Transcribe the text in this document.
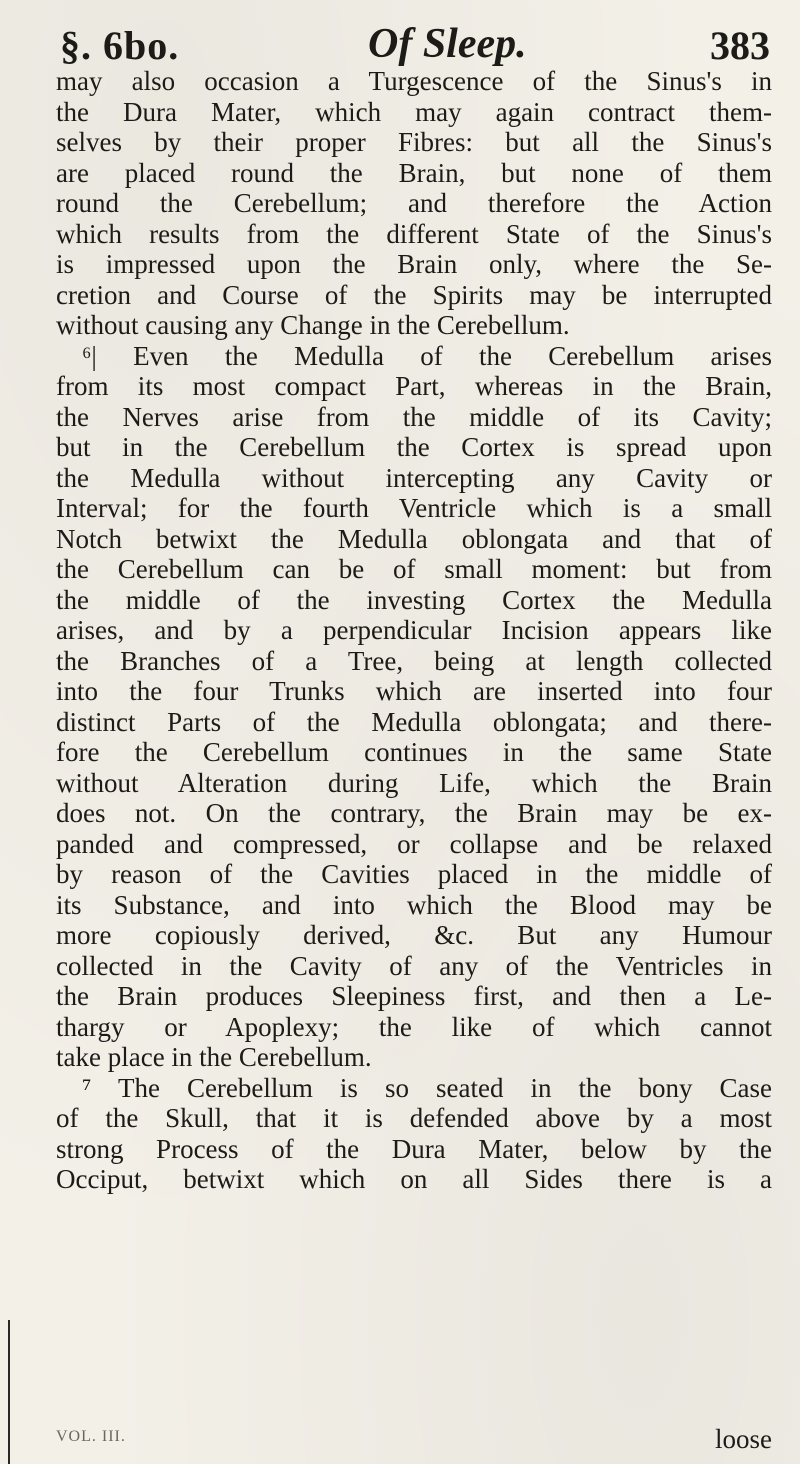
§. 6bo.	Of Sleep.	383
may also occasion a Turgescence of the Sinus's in
the Dura Mater, which may again contract them-
selves by their proper Fibres: but all the Sinus's
are placed round the Brain, but none of them
round the Cerebellum; and therefore the Action
which results from the different State of the Sinus's
is impressed upon the Brain only, where the Se-
cretion and Course of the Spirits may be interrupted
without causing any Change in the Cerebellum.
⁶| Even the Medulla of the Cerebellum arises
from its most compact Part, whereas in the Brain,
the Nerves arise from the middle of its Cavity;
but in the Cerebellum the Cortex is spread upon
the Medulla without intercepting any Cavity or
Interval; for the fourth Ventricle which is a small
Notch betwixt the Medulla oblongata and that of
the Cerebellum can be of small moment: but from
the middle of the investing Cortex the Medulla
arises, and by a perpendicular Incision appears like
the Branches of a Tree, being at length collected
into the four Trunks which are inserted into four
distinct Parts of the Medulla oblongata; and there-
fore the Cerebellum continues in the same State
without Alteration during Life, which the Brain
does not. On the contrary, the Brain may be ex-
panded and compressed, or collapse and be relaxed
by reason of the Cavities placed in the middle of
its Substance, and into which the Blood may be
more copiously derived, &c. But any Humour
collected in the Cavity of any of the Ventricles in
the Brain produces Sleepiness first, and then a Le-
thargy or Apoplexy; the like of which cannot
take place in the Cerebellum.
⁷ The Cerebellum is so seated in the bony Case
of the Skull, that it is defended above by a most
strong Process of the Dura Mater, below by the
Occiput, betwixt which on all Sides there is a
VOL. III.	loose
